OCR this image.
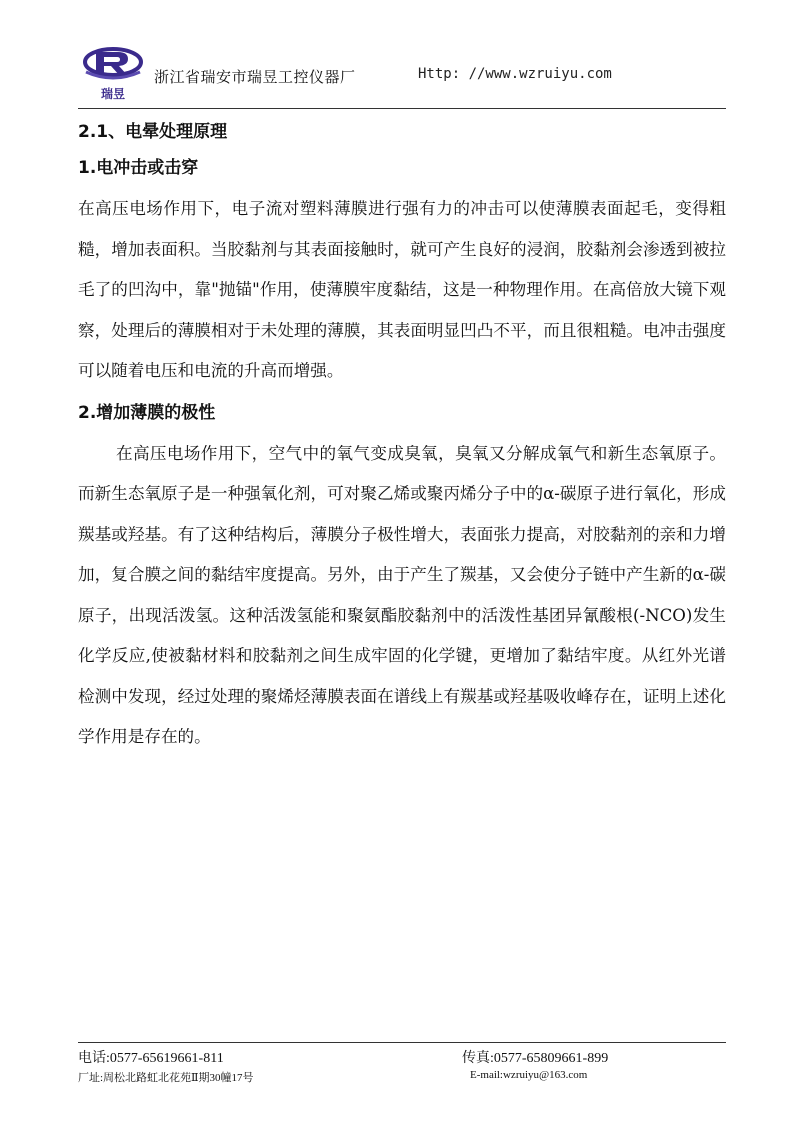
瑞昱
浙江省瑞安市瑞昱工控仪器厂	Http: //www.wzruiyu.com
2.1、电晕处理原理
1.电冲击或击穿

在高压电场作用下，电子流对塑料薄膜进行强有力的冲击可以使薄膜表面起毛，变得粗糙，增加表面积。当胶黏剂与其表面接触时，就可产生良好的浸润，胶黏剂会渗透到被拉毛了的凹沟中，靠"抛锚"作用，使薄膜牢度黏结，这是一种物理作用。在高倍放大镜下观察，处理后的薄膜相对于未处理的薄膜，其表面明显凹凸不平，而且很粗糙。电冲击强度可以随着电压和电流的升高而增强。

2.增加薄膜的极性

在高压电场作用下，空气中的氧气变成臭氧，臭氧又分解成氧气和新生态氧原子。而新生态氧原子是一种强氧化剂，可对聚乙烯或聚丙烯分子中的α-碳原子进行氧化，形成羰基或羟基。有了这种结构后，薄膜分子极性增大，表面张力提高，对胶黏剂的亲和力增加，复合膜之间的黏结牢度提高。另外，由于产生了羰基，又会使分子链中产生新的α-碳原子，出现活泼氢。这种活泼氢能和聚氨酯胶黏剂中的活泼性基团异氰酸根(-NCO)发生化学反应,使被黏材料和胶黏剂之间生成牢固的化学键，更增加了黏结牢度。从红外光谱检测中发现，经过处理的聚烯烃薄膜表面在谱线上有羰基或羟基吸收峰存在，证明上述化学作用是存在的。

电话:0577-65619661-811	传真:0577-65809661-899
厂址:周松北路虹北花苑Ⅱ期30幢17号	E-mail:wzruiyu@163.com
